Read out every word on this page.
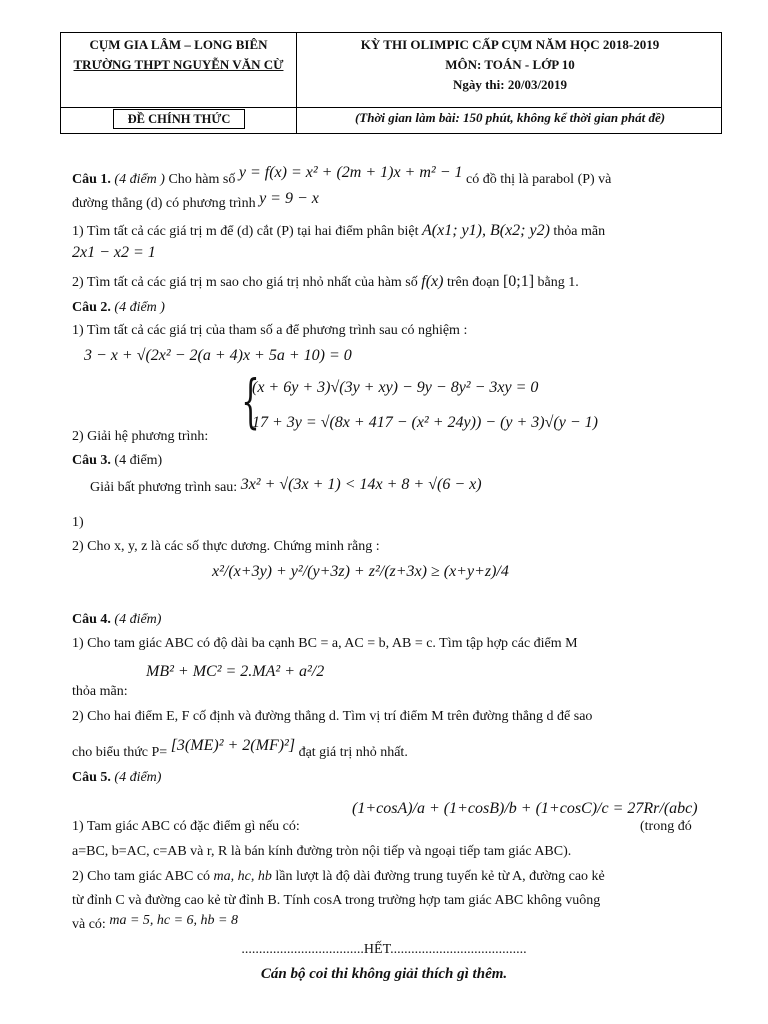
CỤM GIA LÂM – LONG BIÊN
TRƯỜNG THPT NGUYỄN VĂN CỪ
KỲ THI OLIMPIC CẤP CỤM NĂM HỌC 2018-2019
MÔN: TOÁN - LỚP 10
Ngày thi: 20/03/2019
ĐỀ CHÍNH THỨC	(Thời gian làm bài: 150 phút, không kể thời gian phát đề)
Câu 1. (4 điểm ) Cho hàm số y = f(x) = x² + (2m + 1)x + m² − 1 có đồ thị là parabol (P) và
đường thẳng (d) có phương trình y = 9 − x
1) Tìm tất cả các giá trị m để (d) cắt (P) tại hai điểm phân biệt A(x1; y1), B(x2; y2) thỏa mãn
2x1 − x2 = 1
2) Tìm tất cả các giá trị m sao cho giá trị nhỏ nhất của hàm số f(x) trên đoạn [0;1] bằng 1.
Câu 2. (4 điểm )
1) Tìm tất cả các giá trị của tham số a để phương trình sau có nghiệm :
3 − x + √(2x² − 2(a + 4)x + 5a + 10) = 0
{
(x + 6y + 3)√(3y + xy) − 9y − 8y² − 3xy = 0
17 + 3y = √(8x + 417 − (x² + 24y)) − (y + 3)√(y − 1)
2) Giải hệ phương trình:
Câu 3. (4 điểm)
Giải bất phương trình sau: 3x² + √(3x + 1) < 14x + 8 + √(6 − x)
1)
2) Cho x, y, z là các số thực dương. Chứng minh rằng :
x²/(x+3y) + y²/(y+3z) + z²/(z+3x) ≥ (x+y+z)/4
Câu 4. (4 điểm)
1) Cho tam giác ABC có độ dài ba cạnh BC = a, AC = b, AB = c. Tìm tập hợp các điểm M
MB² + MC² = 2.MA² + a²/2
thỏa mãn:
2) Cho hai điểm E, F cố định và đường thẳng d. Tìm vị trí điểm M trên đường thẳng d để sao
cho biểu thức P= [3(ME)² + 2(MF)²] đạt giá trị nhỏ nhất.
Câu 5. (4 điểm)
(1+cosA)/a + (1+cosB)/b + (1+cosC)/c = 27Rr/(abc)
1) Tam giác ABC có đặc điểm gì nếu có:	(trong đó
a=BC, b=AC, c=AB và r, R là bán kính đường tròn nội tiếp và ngoại tiếp tam giác ABC).
2) Cho tam giác ABC có ma, hc, hb lần lượt là độ dài đường trung tuyến kẻ từ A, đường cao kẻ
từ đỉnh C và đường cao kẻ từ đỉnh B. Tính cosA trong trường hợp tam giác ABC không vuông
và có: ma = 5, hc = 6, hb = 8
...................................HẾT.......................................
Cán bộ coi thi không giải thích gì thêm.
